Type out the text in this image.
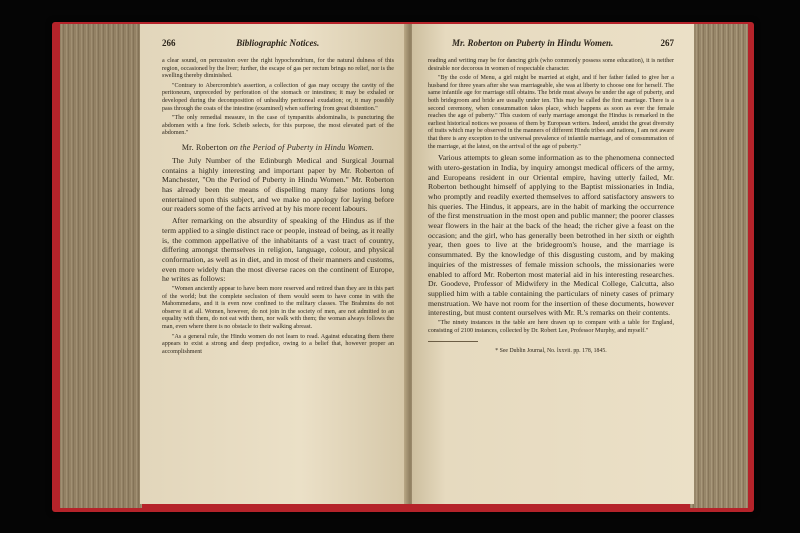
266	Bibliographic Notices.

a clear sound, on percussion over the right hypochondrium, for the natural dulness of this region, occasioned by the liver; further, the escape of gas per rectum brings no relief, nor is the swelling thereby diminished.

"Contrary to Abercrombie's assertion, a collection of gas may occupy the cavity of the peritoneum, unpreceded by perforation of the stomach or intestines; it may be exhaled or developed during the decomposition of unhealthy peritoneal exudation; or, it may possibly pass through the coats of the intestine (examined) when suffering from great distention."

"The only remedial measure, in the case of tympanitis abdominalis, is puncturing the abdomen with a fine fork. Scheib selects, for this purpose, the most elevated part of the abdomen."

Mr. Roberton on the Period of Puberty in Hindu Women.

The July Number of the Edinburgh Medical and Surgical Journal contains a highly interesting and important paper by Mr. Roberton of Manchester, "On the Period of Puberty in Hindu Women." Mr. Roberton has already been the means of dispelling many false notions long entertained upon this subject, and we make no apology for laying before our readers some of the facts arrived at by his more recent labours.

After remarking on the absurdity of speaking of the Hindus as if the term applied to a single distinct race or people, instead of being, as it really is, the common appellative of the inhabitants of a vast tract of country, differing amongst themselves in religion, language, colour, and physical conformation, as well as in diet, and in most of their manners and customs, even more widely than the most diverse races on the continent of Europe, he writes as follows:

"Women anciently appear to have been more reserved and retired than they are in this part of the world; but the complete seclusion of them would seem to have come in with the Mahommedans, and it is even now confined to the military classes. The Brahmins do not observe it at all. Women, however, do not join in the society of men, are not admitted to an equality with them, do not eat with them, nor walk with them; the woman always follows the man, even where there is no obstacle to their walking abreast.

"As a general rule, the Hindu women do not learn to read. Against educating them there appears to exist a strong and deep prejudice, owing to a belief that, however proper an accomplishment

Mr. Roberton on Puberty in Hindu Women.	267

reading and writing may be for dancing girls (who commonly possess some education), it is neither desirable nor decorous in women of respectable character.

"By the code of Menu, a girl might be married at eight, and if her father failed to give her a husband for three years after she was marriageable, she was at liberty to choose one for herself. The same infantile age for marriage still obtains. The bride must always be under the age of puberty, and both bridegroom and bride are usually under ten. This may be called the first marriage. There is a second ceremony, when consummation takes place, which happens as soon as ever the female reaches the age of puberty." This custom of early marriage amongst the Hindus is remarked in the earliest historical notices we possess of them by European writers. Indeed, amidst the great diversity of traits which may be observed in the manners of different Hindu tribes and nations, I am not aware that there is any exception to the universal prevalence of infantile marriage, and of consummation of the marriage, at the latest, on the arrival of the age of puberty."

Various attempts to glean some information as to the phenomena connected with utero-gestation in India, by inquiry amongst medical officers of the army, and Europeans resident in our Oriental empire, having utterly failed, Mr. Roberton bethought himself of applying to the Baptist missionaries in India, who promptly and readily exerted themselves to afford satisfactory answers to his queries. The Hindus, it appears, are in the habit of marking the occurrence of the first menstruation in the most open and public manner; the poorer classes wear flowers in the hair at the back of the head; the richer give a feast on the occasion; and the girl, who has generally been betrothed in her sixth or eighth year, then goes to live at the bridegroom's house, and the marriage is consummated. By the knowledge of this disgusting custom, and by making inquiries of the mistresses of female mission schools, the missionaries were enabled to afford Mr. Roberton most material aid in his interesting researches. Dr. Goodeve, Professor of Midwifery in the Medical College, Calcutta, also supplied him with a table containing the particulars of ninety cases of primary menstruation. We have not room for the insertion of these documents, however interesting, but must content ourselves with Mr. R.'s remarks on their contents.

"The ninety instances in the table are here drawn up to compare with a table for England, consisting of 2100 instances, collected by Dr. Robert Lee, Professor Murphy, and myself."

* See Dublin Journal, No. lxxvii. pp. 178, 1845.
